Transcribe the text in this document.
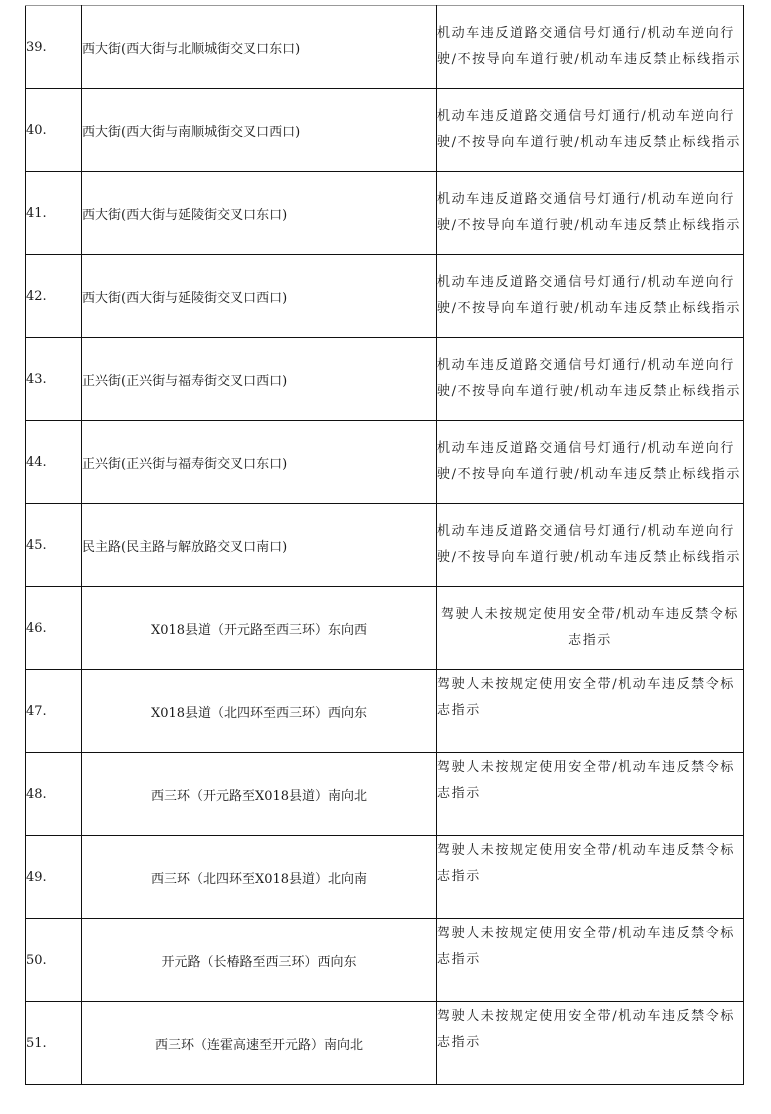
39.	西大街(西大街与北顺城街交叉口东口)	机动车违反道路交通信号灯通行/机动车逆向行驶/不按导向车道行驶/机动车违反禁止标线指示
40.	西大街(西大街与南顺城街交叉口西口)	机动车违反道路交通信号灯通行/机动车逆向行驶/不按导向车道行驶/机动车违反禁止标线指示
41.	西大街(西大街与延陵街交叉口东口)	机动车违反道路交通信号灯通行/机动车逆向行驶/不按导向车道行驶/机动车违反禁止标线指示
42.	西大街(西大街与延陵街交叉口西口)	机动车违反道路交通信号灯通行/机动车逆向行驶/不按导向车道行驶/机动车违反禁止标线指示
43.	正兴街(正兴街与福寿街交叉口西口)	机动车违反道路交通信号灯通行/机动车逆向行驶/不按导向车道行驶/机动车违反禁止标线指示
44.	正兴街(正兴街与福寿街交叉口东口)	机动车违反道路交通信号灯通行/机动车逆向行驶/不按导向车道行驶/机动车违反禁止标线指示
45.	民主路(民主路与解放路交叉口南口)	机动车违反道路交通信号灯通行/机动车逆向行驶/不按导向车道行驶/机动车违反禁止标线指示
46.	X018县道（开元路至西三环）东向西	驾驶人未按规定使用安全带/机动车违反禁令标志指示
47.	X018县道（北四环至西三环）西向东	驾驶人未按规定使用安全带/机动车违反禁令标志指示
48.	西三环（开元路至X018县道）南向北	驾驶人未按规定使用安全带/机动车违反禁令标志指示
49.	西三环（北四环至X018县道）北向南	驾驶人未按规定使用安全带/机动车违反禁令标志指示
50.	开元路（长椿路至西三环）西向东	驾驶人未按规定使用安全带/机动车违反禁令标志指示
51.	西三环（连霍高速至开元路）南向北	驾驶人未按规定使用安全带/机动车违反禁令标志指示
